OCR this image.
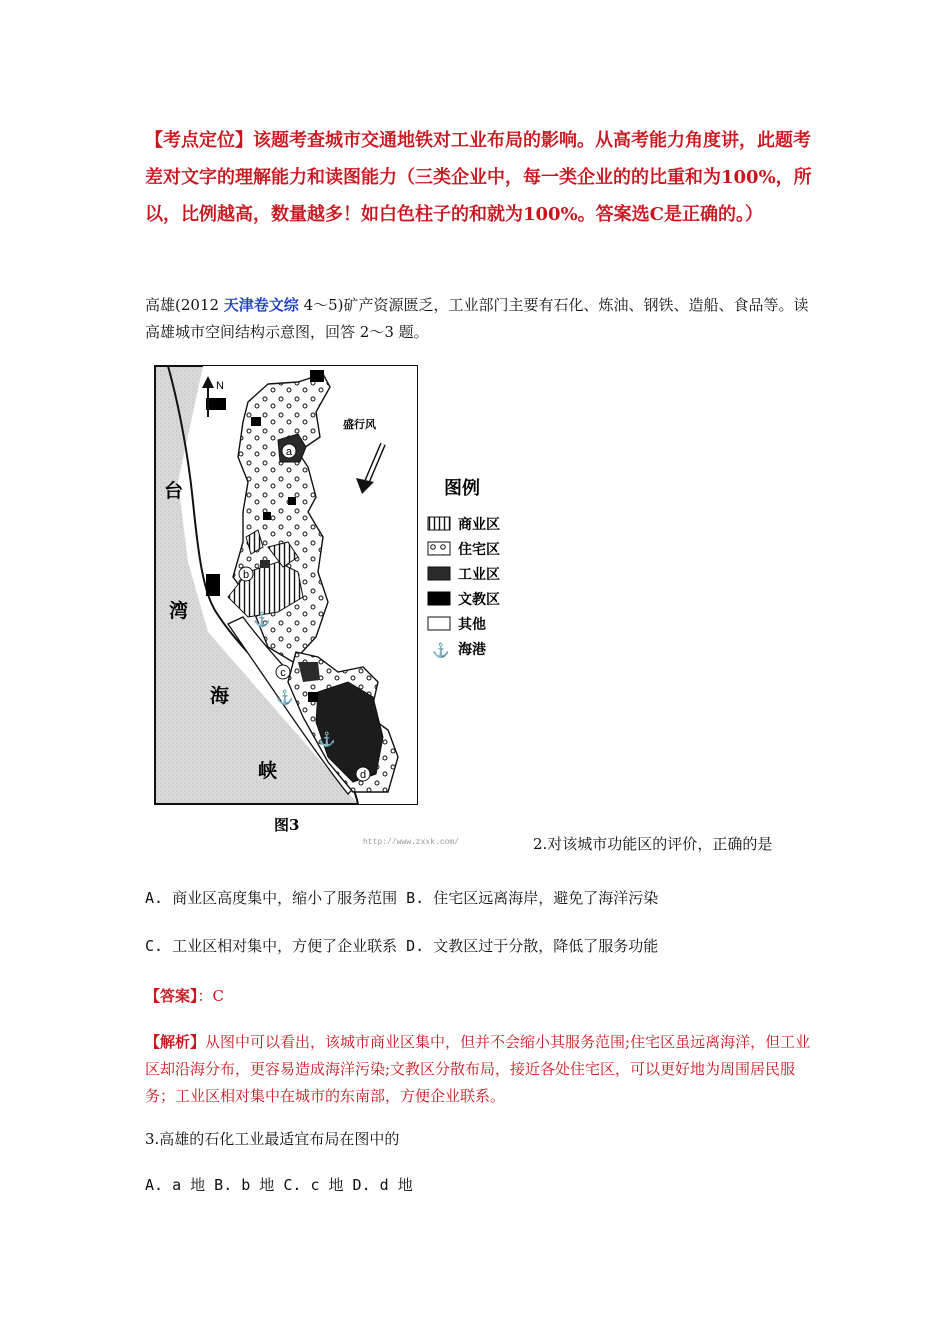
【考点定位】该题考查城市交通地铁对工业布局的影响。从高考能力角度讲，此题考差对文字的理解能力和读图能力（三类企业中，每一类企业的的比重和为100%，所以，比例越高，数量越多！如白色柱子的和就为100%。答案选C是正确的。）
高雄(2012 天津卷文综 4～5)矿产资源匮乏，工业部门主要有石化、炼油、钢铁、造船、食品等。读高雄城市空间结构示意图，回答 2～3 题。
a
b
c
d
⚓
⚓
⚓
N
盛行风
台
湾
海
峡
图例
商业区
住宅区
工业区
文教区
其他
⚓ 海港
图3
http://www.zxxk.com/	2.对该城市功能区的评价，正确的是
A. 商业区高度集中，缩小了服务范围 B. 住宅区远离海岸，避免了海洋污染
C. 工业区相对集中，方便了企业联系 D. 文教区过于分散，降低了服务功能
【答案】：C
【解析】从图中可以看出，该城市商业区集中，但并不会缩小其服务范围;住宅区虽远离海洋，但工业区却沿海分布，更容易造成海洋污染;文教区分散布局，接近各处住宅区，可以更好地为周围居民服务；工业区相对集中在城市的东南部，方便企业联系。
3.高雄的石化工业最适宜布局在图中的
A. a 地 B. b 地 C. c 地 D. d 地
